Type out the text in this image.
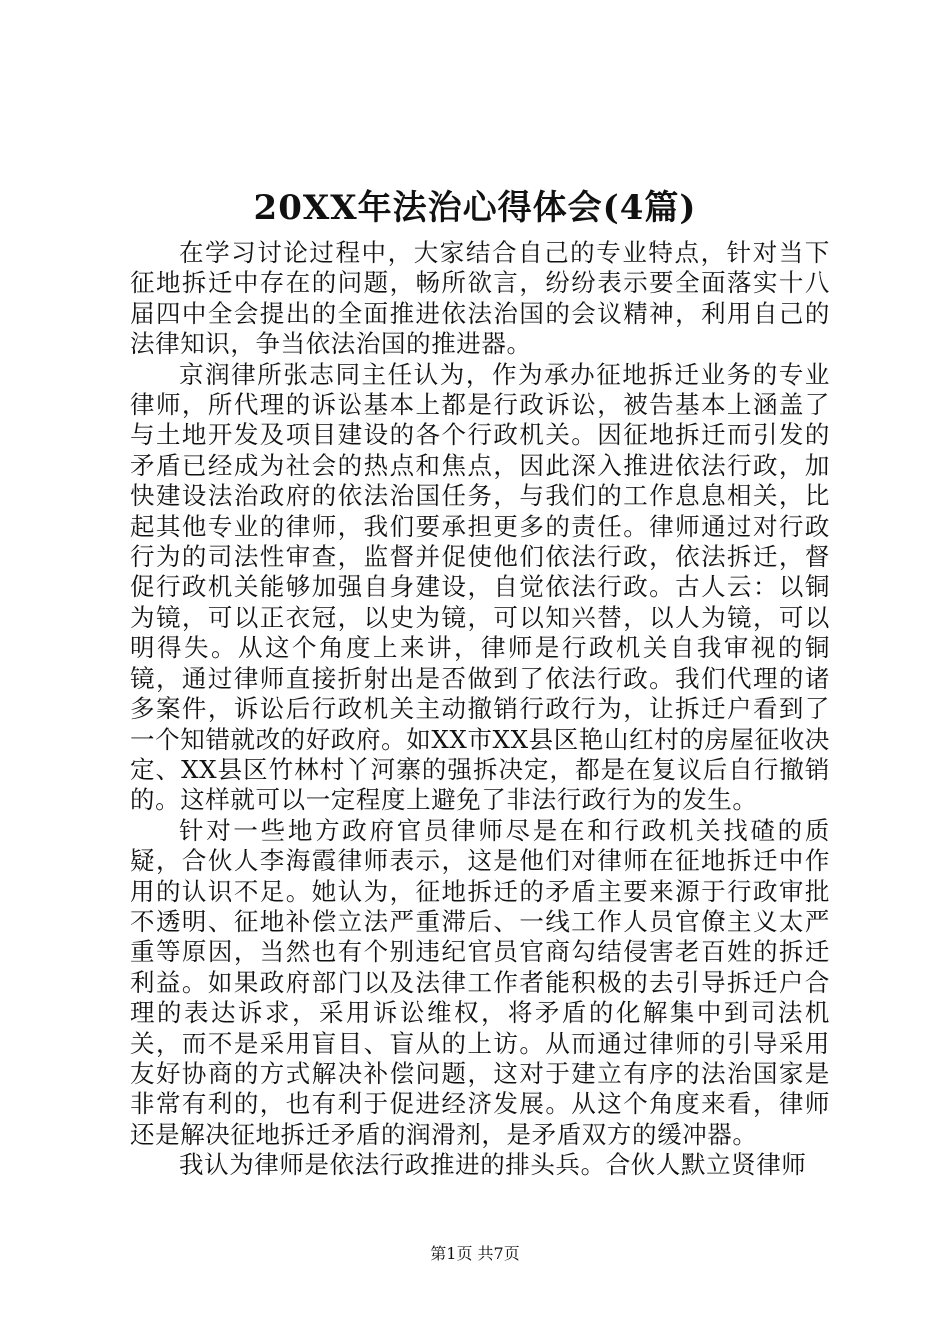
20XX年法治心得体会(4篇)

在学习讨论过程中，大家结合自己的专业特点，针对当下征地拆迁中存在的问题，畅所欲言，纷纷表示要全面落实十八届四中全会提出的全面推进依法治国的会议精神，利用自己的法律知识，争当依法治国的推进器。

京润律所张志同主任认为，作为承办征地拆迁业务的专业律师，所代理的诉讼基本上都是行政诉讼，被告基本上涵盖了与土地开发及项目建设的各个行政机关。因征地拆迁而引发的矛盾已经成为社会的热点和焦点，因此深入推进依法行政，加快建设法治政府的依法治国任务，与我们的工作息息相关，比起其他专业的律师，我们要承担更多的责任。律师通过对行政行为的司法性审查，监督并促使他们依法行政，依法拆迁，督促行政机关能够加强自身建设，自觉依法行政。古人云：以铜为镜，可以正衣冠，以史为镜，可以知兴替，以人为镜，可以明得失。从这个角度上来讲，律师是行政机关自我审视的铜镜，通过律师直接折射出是否做到了依法行政。我们代理的诸多案件，诉讼后行政机关主动撤销行政行为，让拆迁户看到了一个知错就改的好政府。如XX市XX县区艳山红村的房屋征收决定、XX县区竹林村丫河寨的强拆决定，都是在复议后自行撤销的。这样就可以一定程度上避免了非法行政行为的发生。

针对一些地方政府官员律师尽是在和行政机关找碴的质疑，合伙人李海霞律师表示，这是他们对律师在征地拆迁中作用的认识不足。她认为，征地拆迁的矛盾主要来源于行政审批不透明、征地补偿立法严重滞后、一线工作人员官僚主义太严重等原因，当然也有个别违纪官员官商勾结侵害老百姓的拆迁利益。如果政府部门以及法律工作者能积极的去引导拆迁户合理的表达诉求，采用诉讼维权，将矛盾的化解集中到司法机关，而不是采用盲目、盲从的上访。从而通过律师的引导采用友好协商的方式解决补偿问题，这对于建立有序的法治国家是非常有利的，也有利于促进经济发展。从这个角度来看，律师还是解决征地拆迁矛盾的润滑剂，是矛盾双方的缓冲器。

我认为律师是依法行政推进的排头兵。合伙人默立贤律师

第1页 共7页
